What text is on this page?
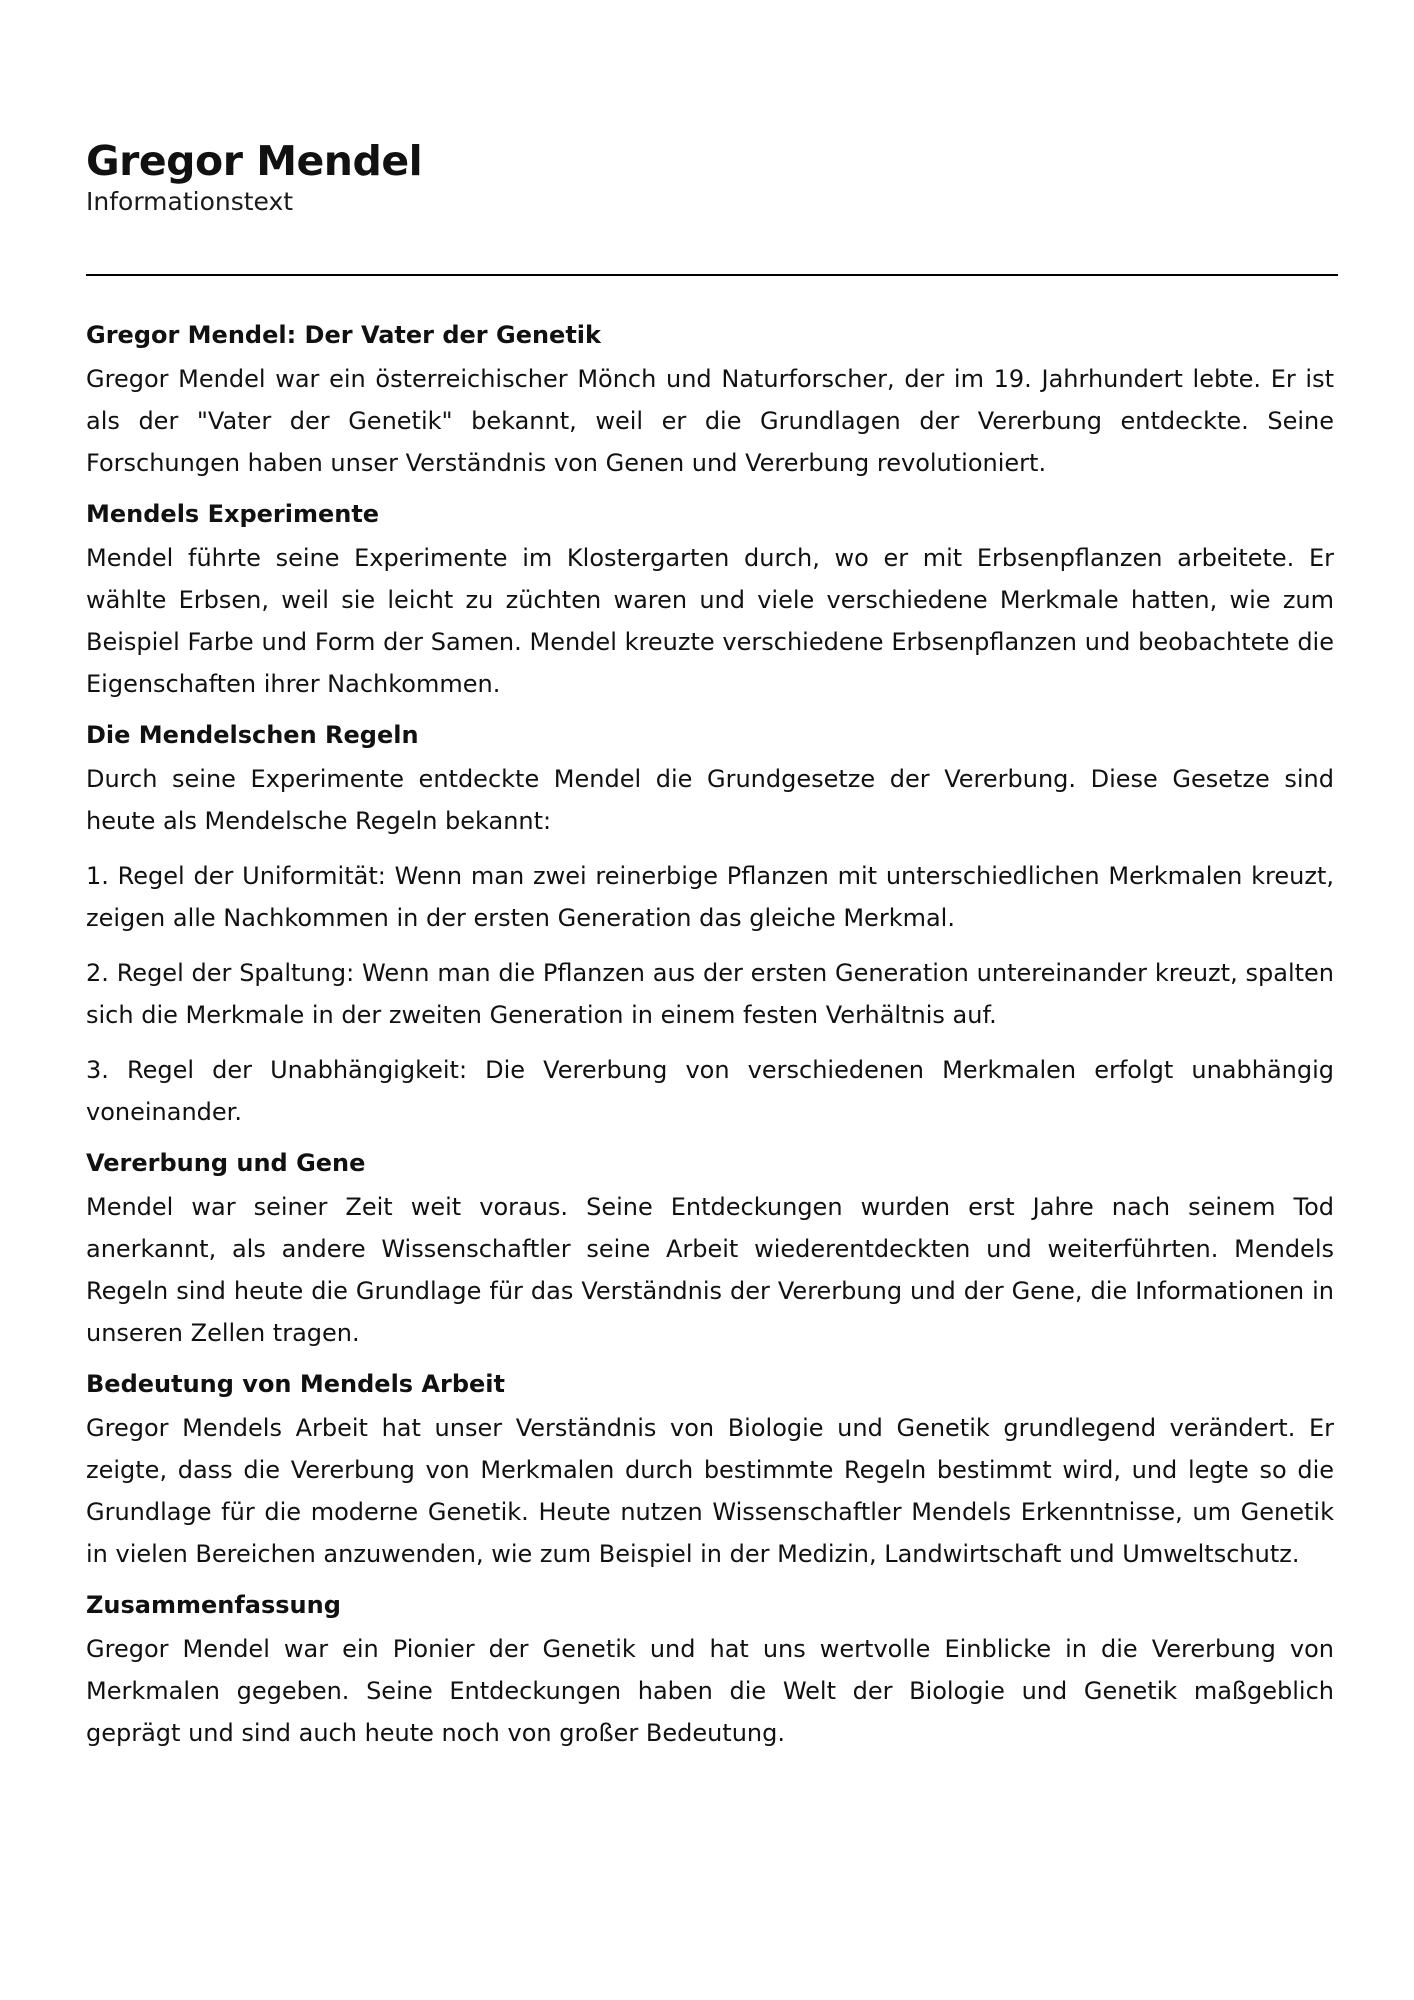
Gregor Mendel

Informationstext

Gregor Mendel: Der Vater der Genetik

Gregor Mendel war ein österreichischer Mönch und Naturforscher, der im 19. Jahrhundert lebte. Er ist als der "Vater der Genetik" bekannt, weil er die Grundlagen der Vererbung entdeckte. Seine Forschungen haben unser Verständnis von Genen und Vererbung revolutioniert.

Mendels Experimente

Mendel führte seine Experimente im Klostergarten durch, wo er mit Erbsenpflanzen arbeitete. Er wählte Erbsen, weil sie leicht zu züchten waren und viele verschiedene Merkmale hatten, wie zum Beispiel Farbe und Form der Samen. Mendel kreuzte verschiedene Erbsenpflanzen und beobachtete die Eigenschaften ihrer Nachkommen.

Die Mendelschen Regeln

Durch seine Experimente entdeckte Mendel die Grundgesetze der Vererbung. Diese Gesetze sind heute als Mendelsche Regeln bekannt:

1. Regel der Uniformität: Wenn man zwei reinerbige Pflanzen mit unterschiedlichen Merkmalen kreuzt, zeigen alle Nachkommen in der ersten Generation das gleiche Merkmal.

2. Regel der Spaltung: Wenn man die Pflanzen aus der ersten Generation untereinander kreuzt, spalten sich die Merkmale in der zweiten Generation in einem festen Verhältnis auf.

3. Regel der Unabhängigkeit: Die Vererbung von verschiedenen Merkmalen erfolgt unabhängig voneinander.

Vererbung und Gene

Mendel war seiner Zeit weit voraus. Seine Entdeckungen wurden erst Jahre nach seinem Tod anerkannt, als andere Wissenschaftler seine Arbeit wiederentdeckten und weiterführten. Mendels Regeln sind heute die Grundlage für das Verständnis der Vererbung und der Gene, die Informationen in unseren Zellen tragen.

Bedeutung von Mendels Arbeit

Gregor Mendels Arbeit hat unser Verständnis von Biologie und Genetik grundlegend verändert. Er zeigte, dass die Vererbung von Merkmalen durch bestimmte Regeln bestimmt wird, und legte so die Grundlage für die moderne Genetik. Heute nutzen Wissenschaftler Mendels Erkenntnisse, um Genetik in vielen Bereichen anzuwenden, wie zum Beispiel in der Medizin, Landwirtschaft und Umweltschutz.

Zusammenfassung

Gregor Mendel war ein Pionier der Genetik und hat uns wertvolle Einblicke in die Vererbung von Merkmalen gegeben. Seine Entdeckungen haben die Welt der Biologie und Genetik maßgeblich geprägt und sind auch heute noch von großer Bedeutung.
